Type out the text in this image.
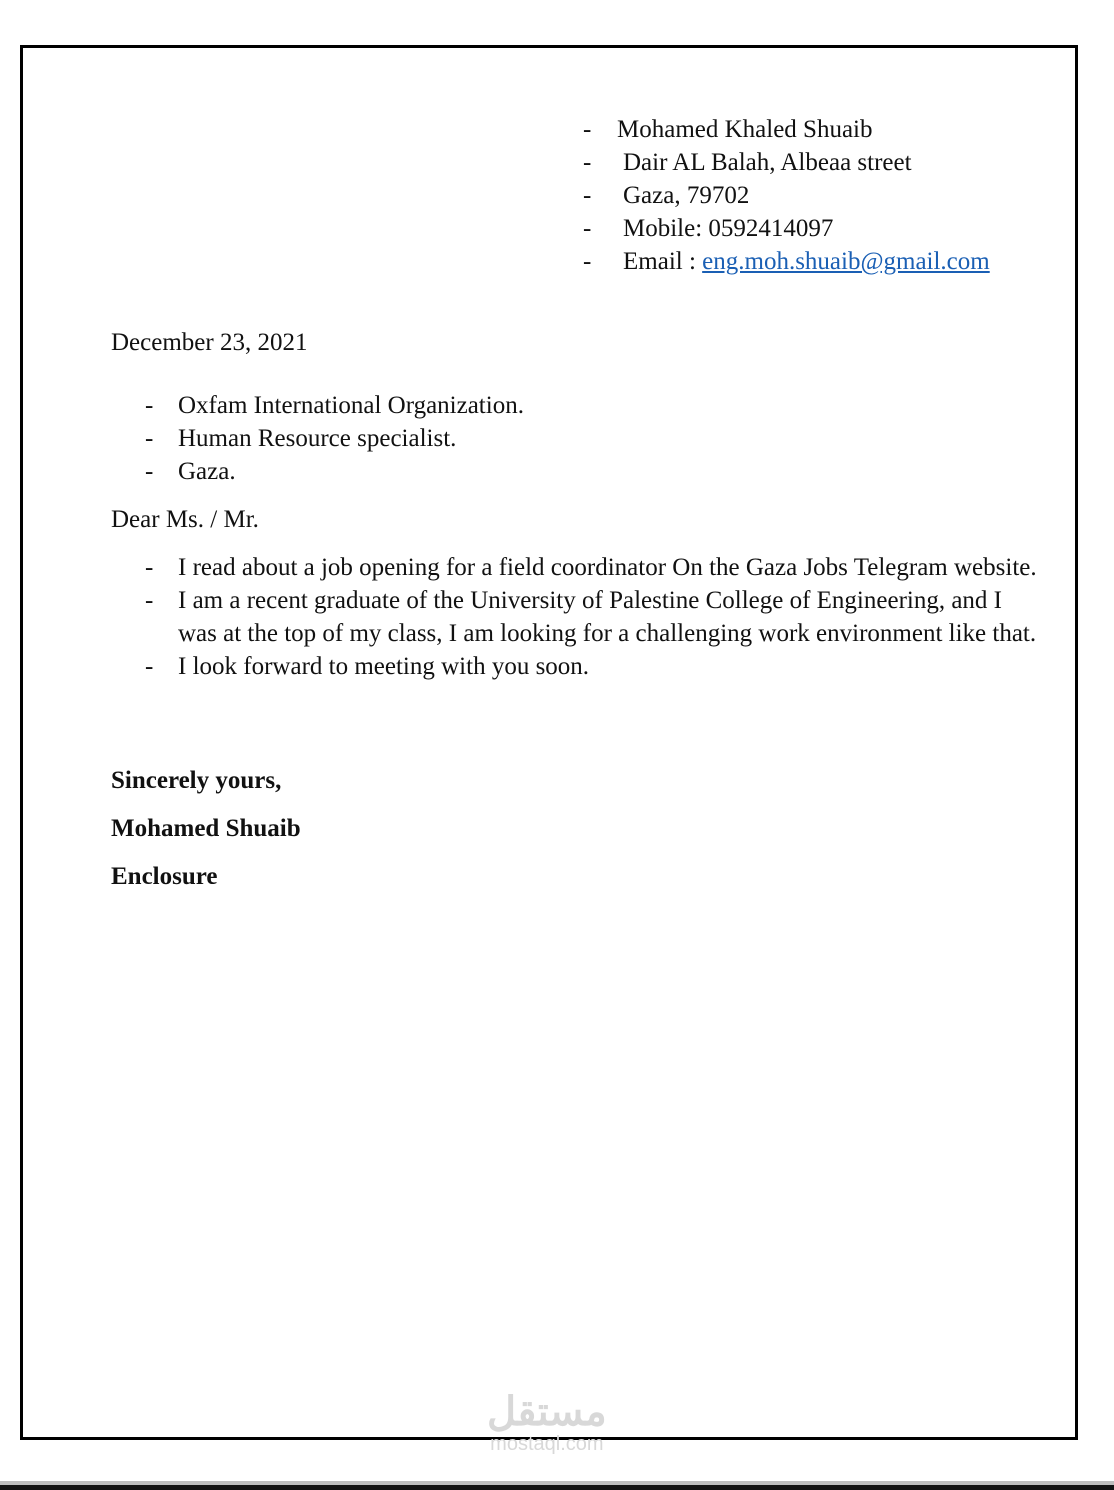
- Mohamed Khaled Shuaib
- Dair AL Balah, Albeaa street
- Gaza, 79702
- Mobile: 0592414097
- Email : eng.moh.shuaib@gmail.com
December 23, 2021
- Oxfam International Organization.
- Human Resource specialist.
- Gaza.
Dear Ms. / Mr.
- I read about a job opening for a field coordinator On the Gaza Jobs Telegram website.
- I am a recent graduate of the University of Palestine College of Engineering, and I was at the top of my class, I am looking for a challenging work environment like that.
- I look forward to meeting with you soon.
Sincerely yours,
Mohamed Shuaib
Enclosure
مستقل
mostaql.com
